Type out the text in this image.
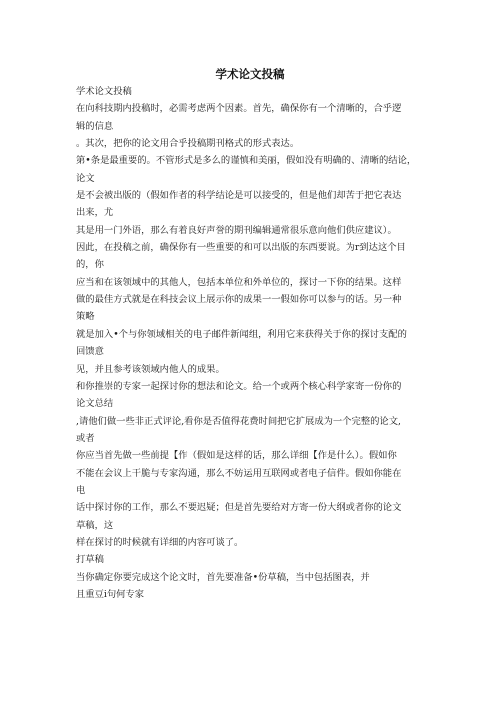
学术论文投稿
学术论文投稿
在向科技期内投稿时，必需考虑两个因素。首先，确保你有一个清晰的，合乎逻
辑的信息
。其次，把你的论文用合乎投稿期刊格式的形式表达。
第•条是最重要的。不管形式是多么的谨慎和美丽，假如没有明确的、清晰的结论，
论文
是不会被出版的（假如作者的科学结论是可以接受的，但是他们却苦于把它表达
出来，尤
其是用一门外语，那么有着良好声誉的期刊编辑通常很乐意向他们供应建议）。
因此，在投稿之前，确保你有一些重要的和可以出版的东西要说。为r到达这个目
的，你
应当和在该领域中的其他人，包括本单位和外单位的，探讨一下你的结果。这样
做的最佳方式就是在科技会议上展示你的成果一一假如你可以参与的话。另一种
策略
就是加入•个与你领域相关的电子邮件新闻组，利用它来获得关于你的探讨支配的
回馈意
见，并且参考该领域内他人的成果。
和你推崇的专家一起探讨你的想法和论文。给一个或两个核心科学家寄一份你的
论文总结
,请他们做一些非正式评论,看你是否值得花费时间把它扩展成为一个完整的论文,
或者
你应当首先做一些前提【作（假如是这样的话，那么详细【作是什么）。假如你
不能在会议上干脆与专家沟通，那么不妨运用互联网或者电子信件。假如你能在
电
话中探讨你的工作，那么不要迟疑；但是首先要给对方寄一份大纲或者你的论文
草稿，这
样在探讨的时候就有详细的内容可谈了。
打草稿
当你确定你要完成这个论文时，首先要准备•份草稿，当中包括图表，并
且重豆i句何专家
